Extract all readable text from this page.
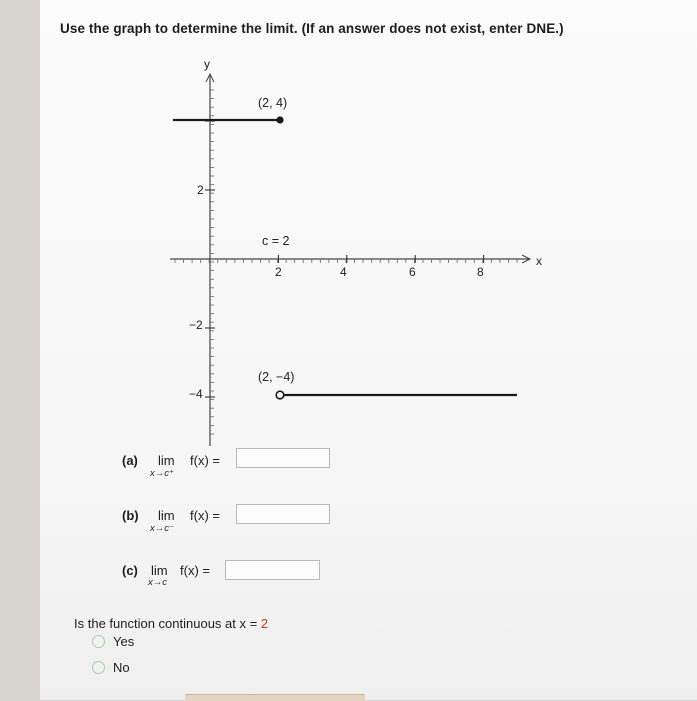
Use the graph to determine the limit. (If an answer does not exist, enter DNE.)
y
x
2	4	6	8
2
−2
−4
(2, 4)
(2, −4)
c = 2
(a) lim
x→c⁺
f(x) =
(b) lim
x→c⁻
f(x) =
(c) lim
x→c
f(x) =
Is the function continuous at x = 2
Yes
No
